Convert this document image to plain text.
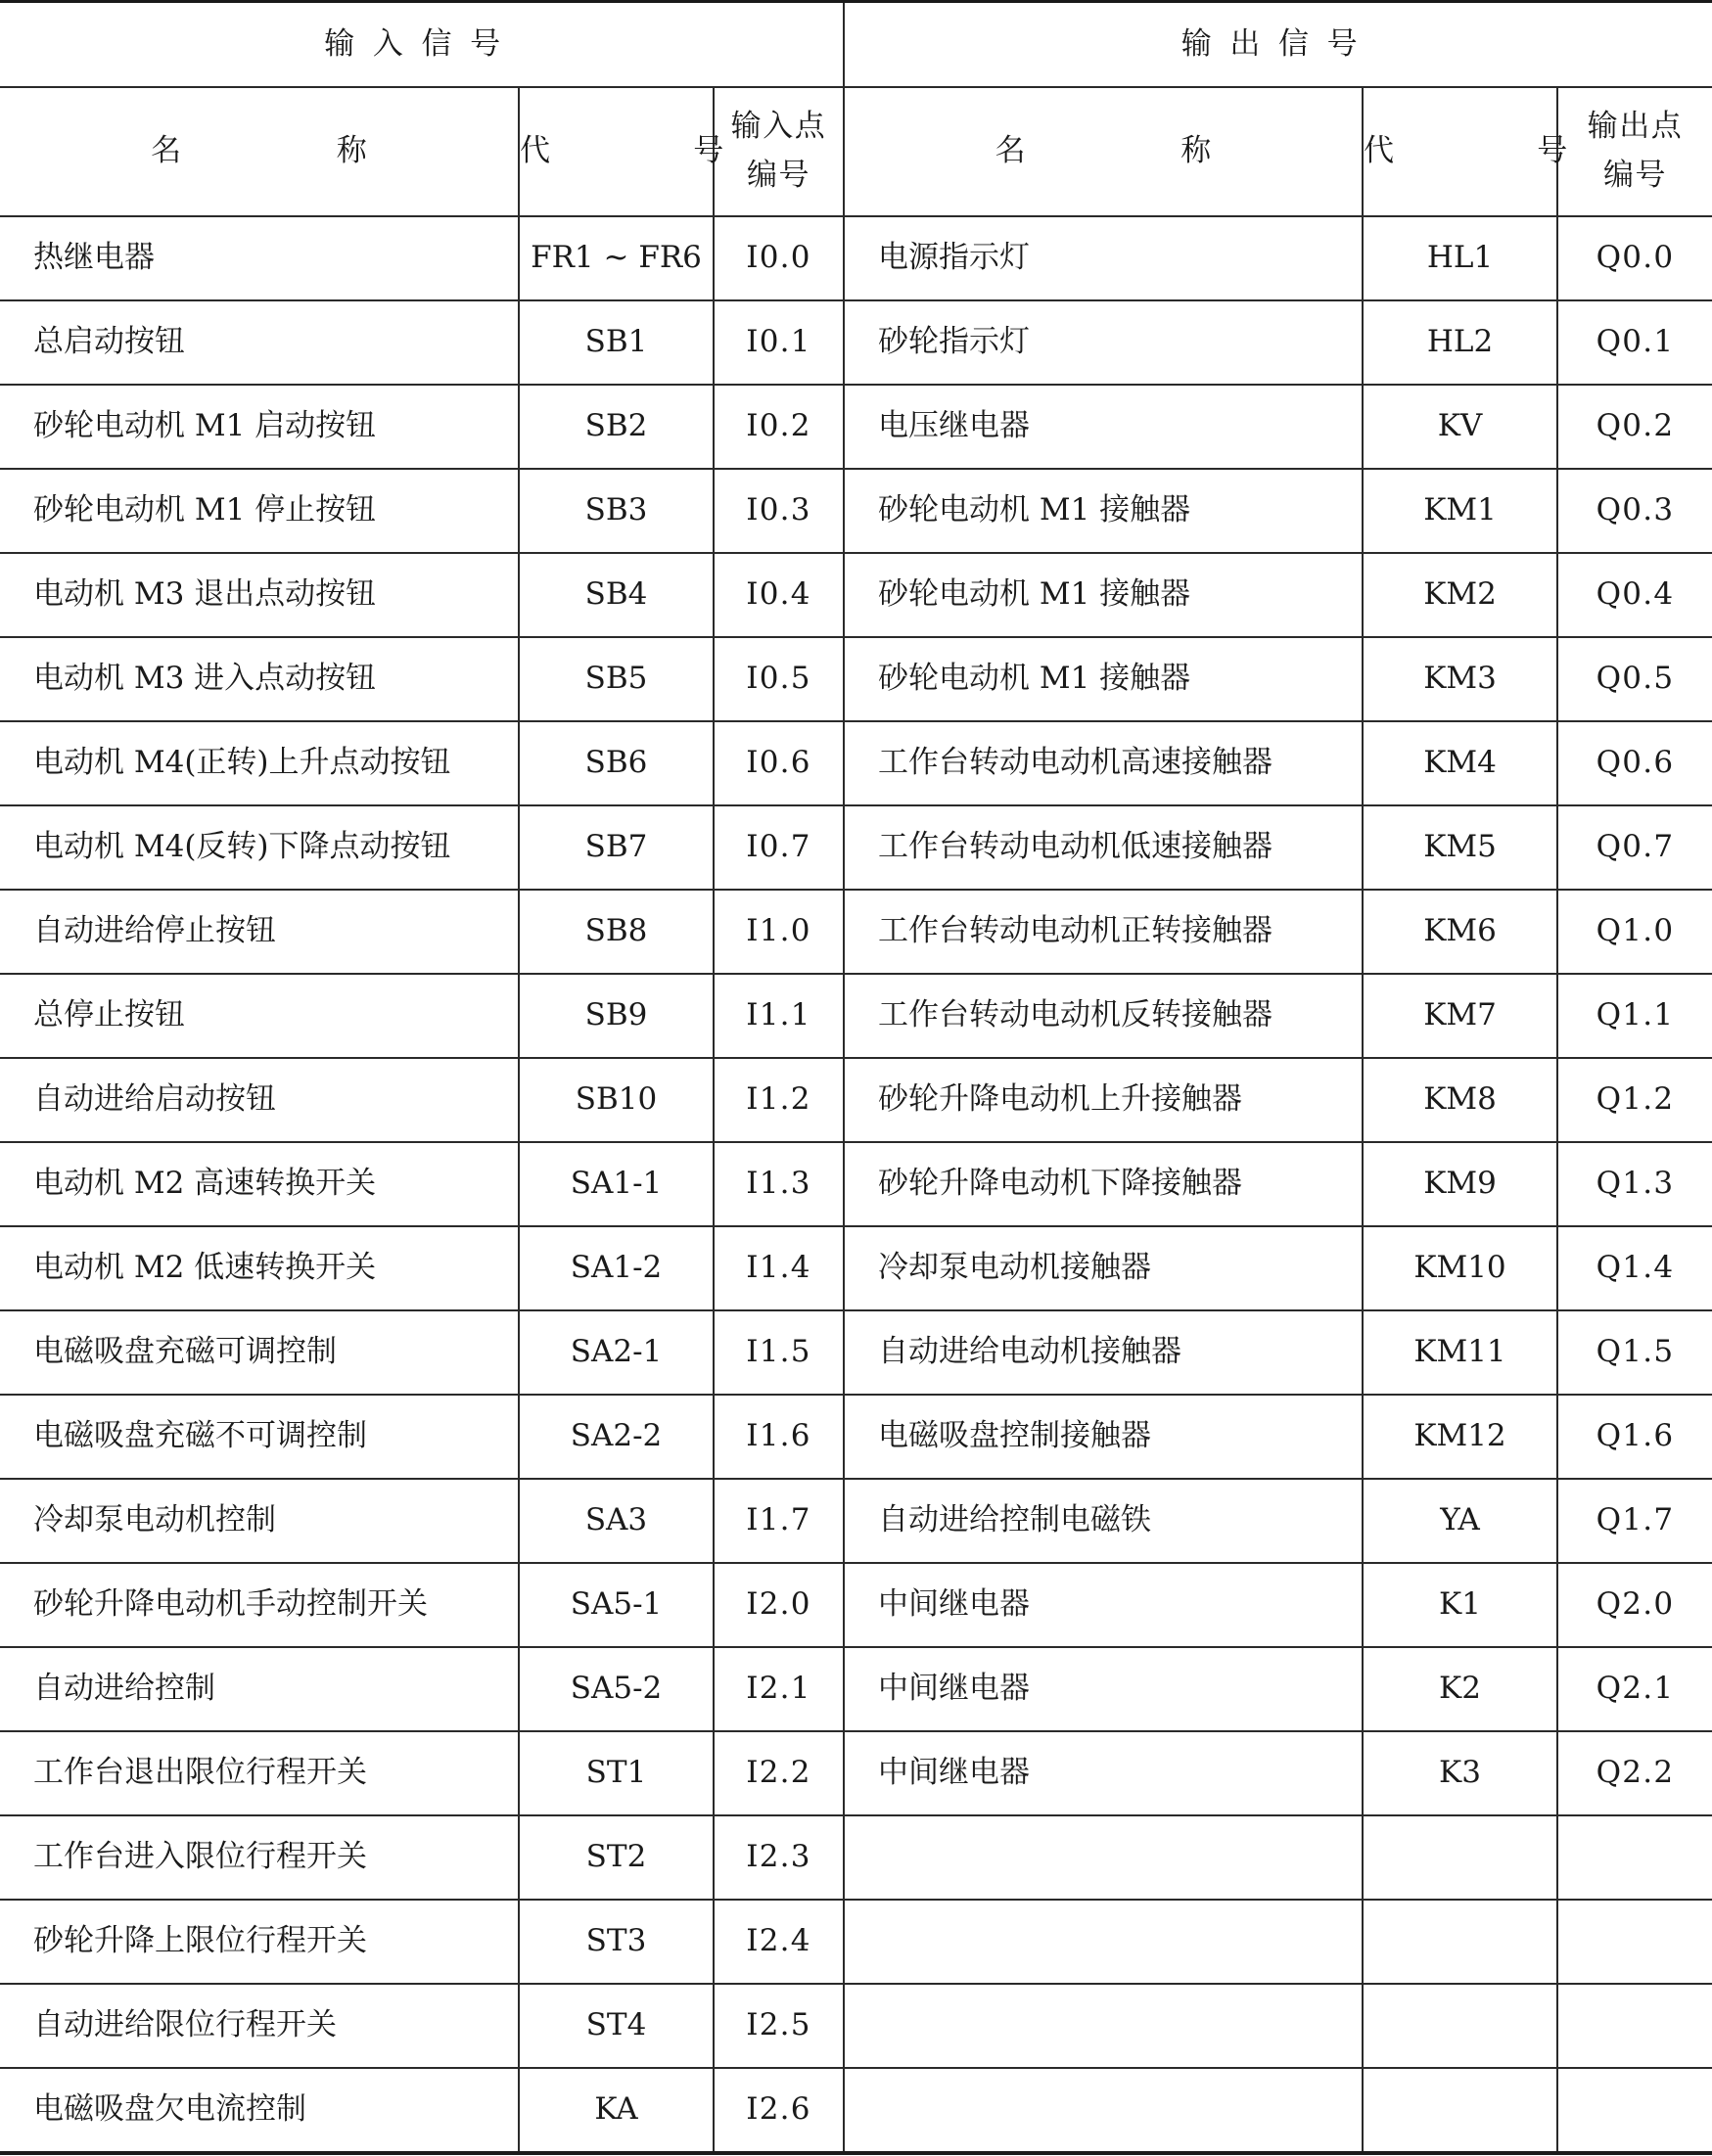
输入信号			输出信号		
名 称	代 号	输入点编号	名 称	代 号	输出点编号
热继电器	FR1 ~ FR6	I0.0	电源指示灯	HL1	Q0.0
总启动按钮	SB1	I0.1	砂轮指示灯	HL2	Q0.1
砂轮电动机 M1 启动按钮	SB2	I0.2	电压继电器	KV	Q0.2
砂轮电动机 M1 停止按钮	SB3	I0.3	砂轮电动机 M1 接触器	KM1	Q0.3
电动机 M3 退出点动按钮	SB4	I0.4	砂轮电动机 M1 接触器	KM2	Q0.4
电动机 M3 进入点动按钮	SB5	I0.5	砂轮电动机 M1 接触器	KM3	Q0.5
电动机 M4(正转)上升点动按钮	SB6	I0.6	工作台转动电动机高速接触器	KM4	Q0.6
电动机 M4(反转)下降点动按钮	SB7	I0.7	工作台转动电动机低速接触器	KM5	Q0.7
自动进给停止按钮	SB8	I1.0	工作台转动电动机正转接触器	KM6	Q1.0
总停止按钮	SB9	I1.1	工作台转动电动机反转接触器	KM7	Q1.1
自动进给启动按钮	SB10	I1.2	砂轮升降电动机上升接触器	KM8	Q1.2
电动机 M2 高速转换开关	SA1-1	I1.3	砂轮升降电动机下降接触器	KM9	Q1.3
电动机 M2 低速转换开关	SA1-2	I1.4	冷却泵电动机接触器	KM10	Q1.4
电磁吸盘充磁可调控制	SA2-1	I1.5	自动进给电动机接触器	KM11	Q1.5
电磁吸盘充磁不可调控制	SA2-2	I1.6	电磁吸盘控制接触器	KM12	Q1.6
冷却泵电动机控制	SA3	I1.7	自动进给控制电磁铁	YA	Q1.7
砂轮升降电动机手动控制开关	SA5-1	I2.0	中间继电器	K1	Q2.0
自动进给控制	SA5-2	I2.1	中间继电器	K2	Q2.1
工作台退出限位行程开关	ST1	I2.2	中间继电器	K3	Q2.2
工作台进入限位行程开关	ST2	I2.3			
砂轮升降上限位行程开关	ST3	I2.4			
自动进给限位行程开关	ST4	I2.5			
电磁吸盘欠电流控制	KA	I2.6			
